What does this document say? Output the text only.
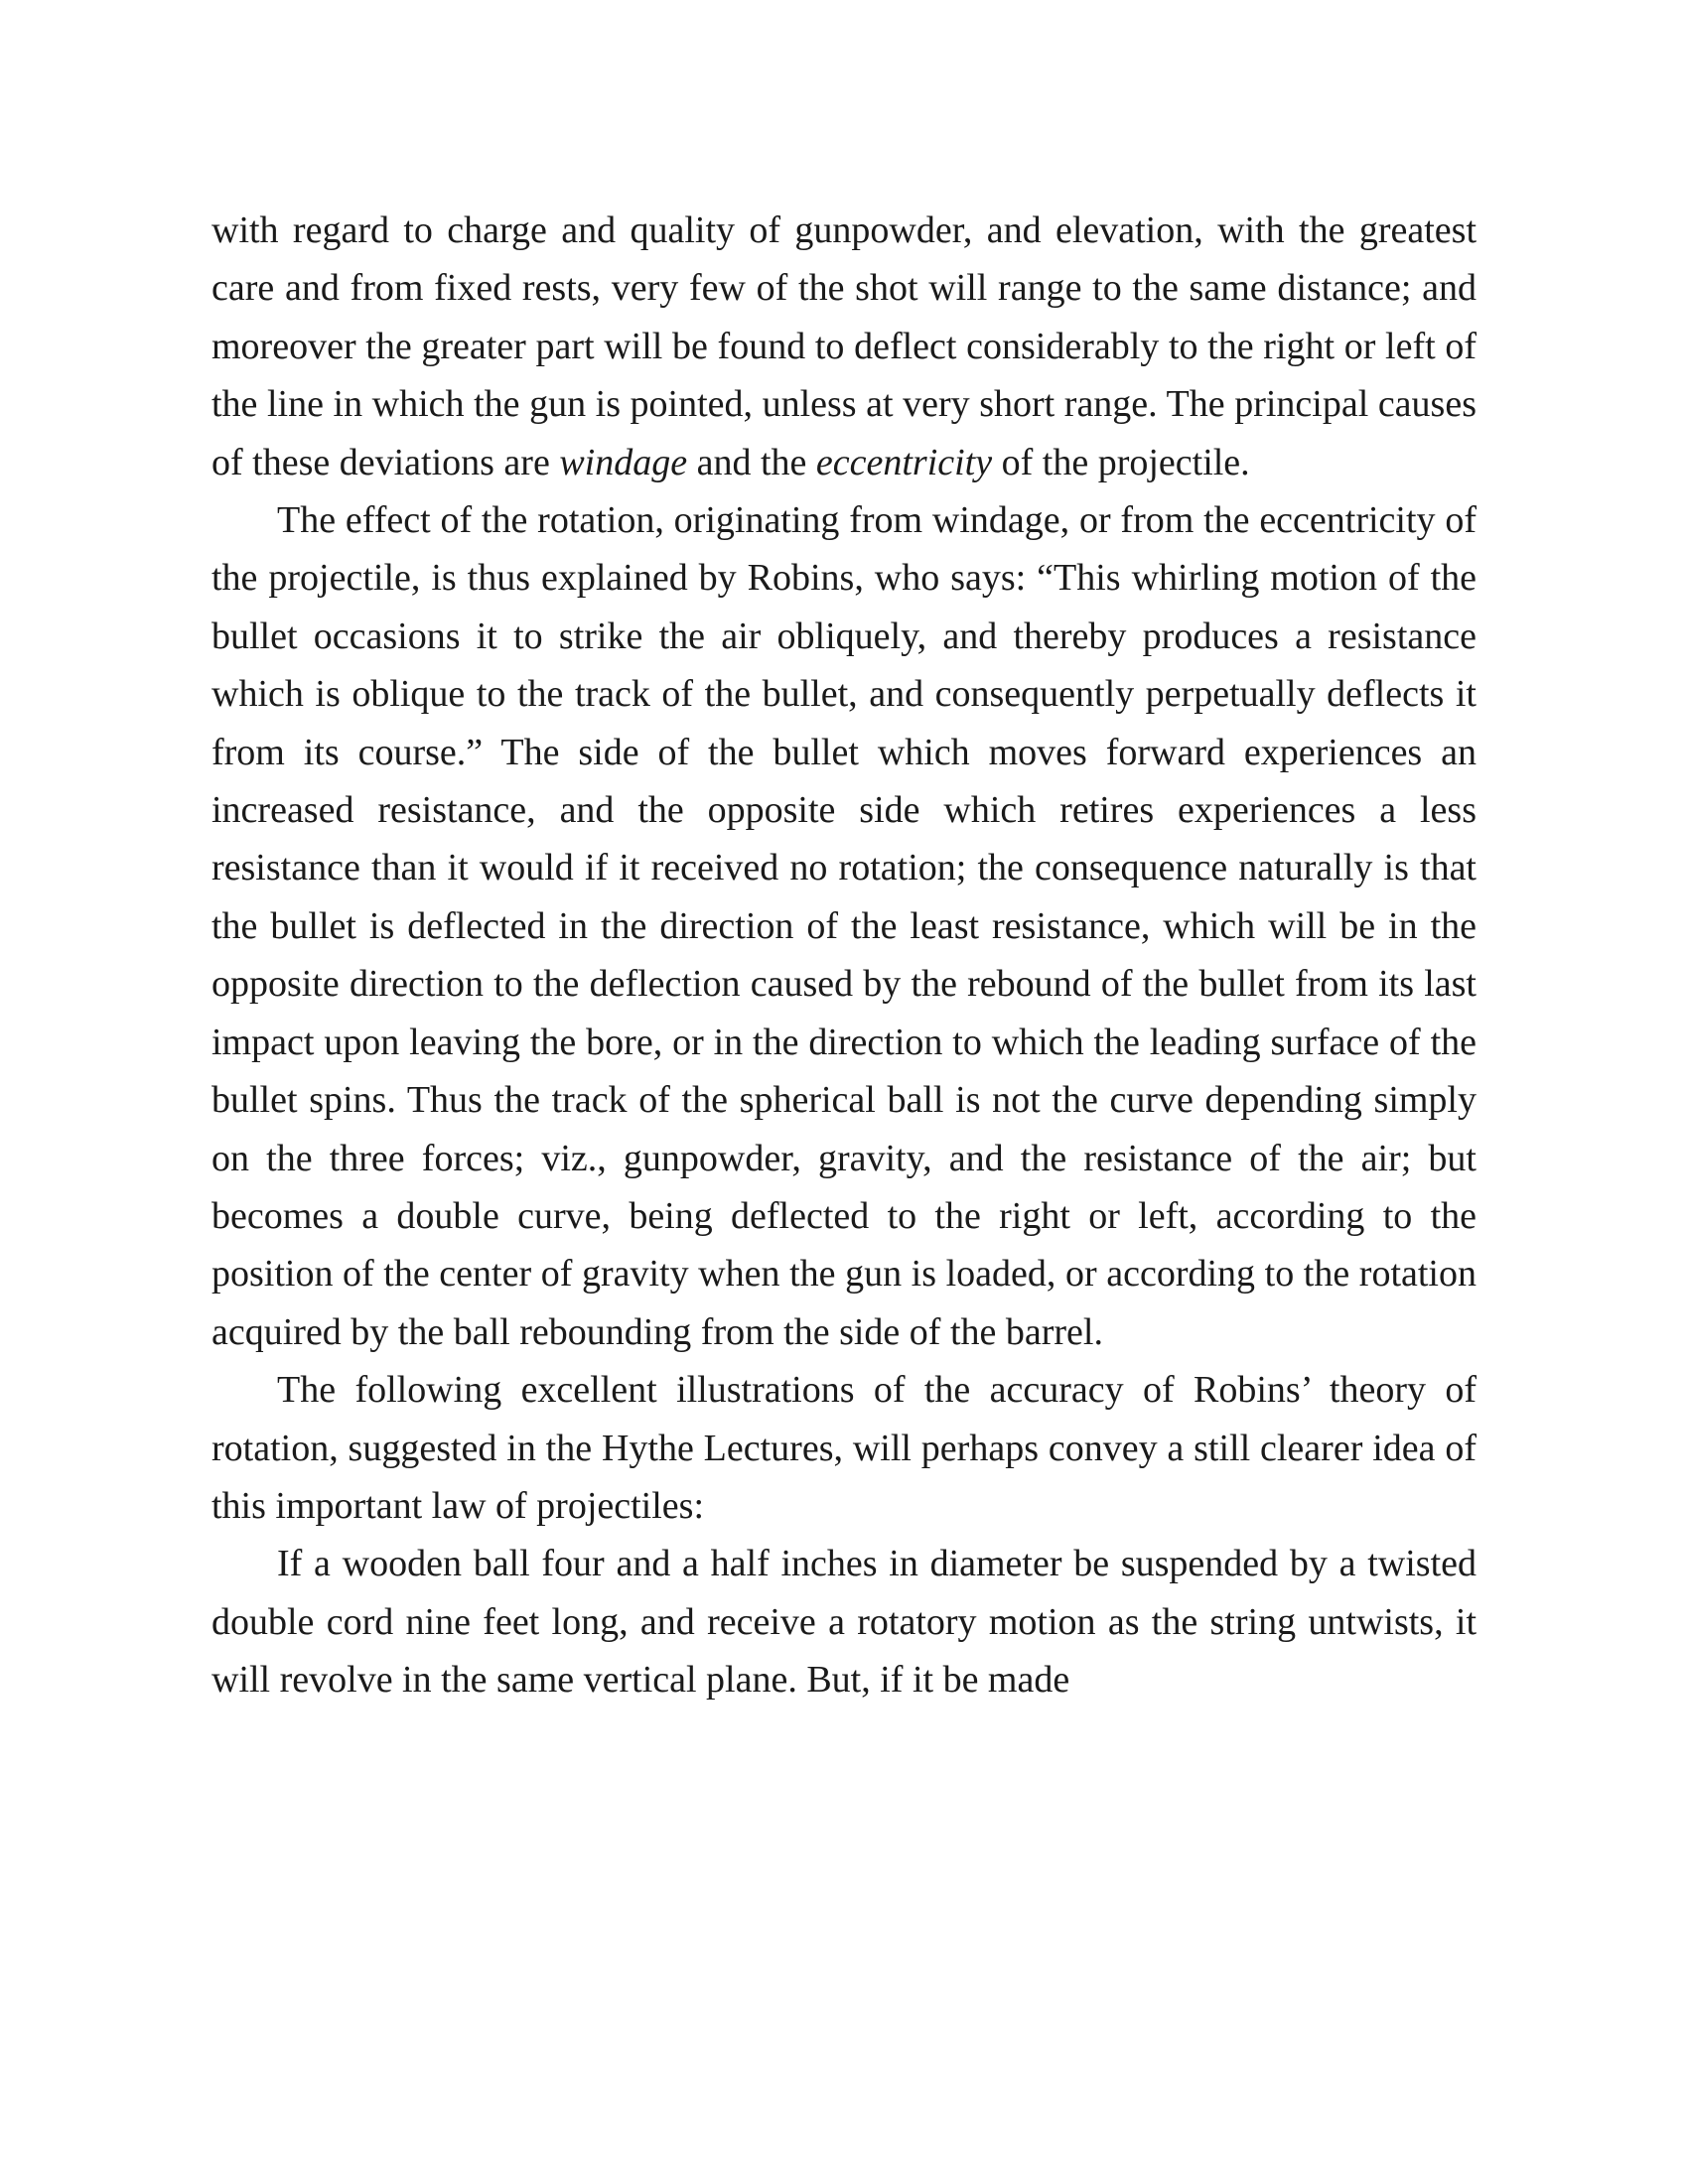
with regard to charge and quality of gunpowder, and elevation, with the greatest care and from fixed rests, very few of the shot will range to the same distance; and moreover the greater part will be found to deflect considerably to the right or left of the line in which the gun is pointed, unless at very short range. The principal causes of these deviations are windage and the eccentricity of the projectile.

The effect of the rotation, originating from windage, or from the eccentricity of the projectile, is thus explained by Robins, who says: “This whirling motion of the bullet occasions it to strike the air obliquely, and thereby produces a resistance which is oblique to the track of the bullet, and consequently perpetually deflects it from its course.” The side of the bullet which moves forward experiences an increased resistance, and the opposite side which retires experiences a less resistance than it would if it received no rotation; the consequence naturally is that the bullet is deflected in the direction of the least resistance, which will be in the opposite direction to the deflection caused by the rebound of the bullet from its last impact upon leaving the bore, or in the direction to which the leading surface of the bullet spins. Thus the track of the spherical ball is not the curve depending simply on the three forces; viz., gunpowder, gravity, and the resistance of the air; but becomes a double curve, being deflected to the right or left, according to the position of the center of gravity when the gun is loaded, or according to the rotation acquired by the ball rebounding from the side of the barrel.

The following excellent illustrations of the accuracy of Robins’ theory of rotation, suggested in the Hythe Lectures, will perhaps convey a still clearer idea of this important law of projectiles:

If a wooden ball four and a half inches in diameter be suspended by a twisted double cord nine feet long, and receive a rotatory motion as the string untwists, it will revolve in the same vertical plane. But, if it be made
